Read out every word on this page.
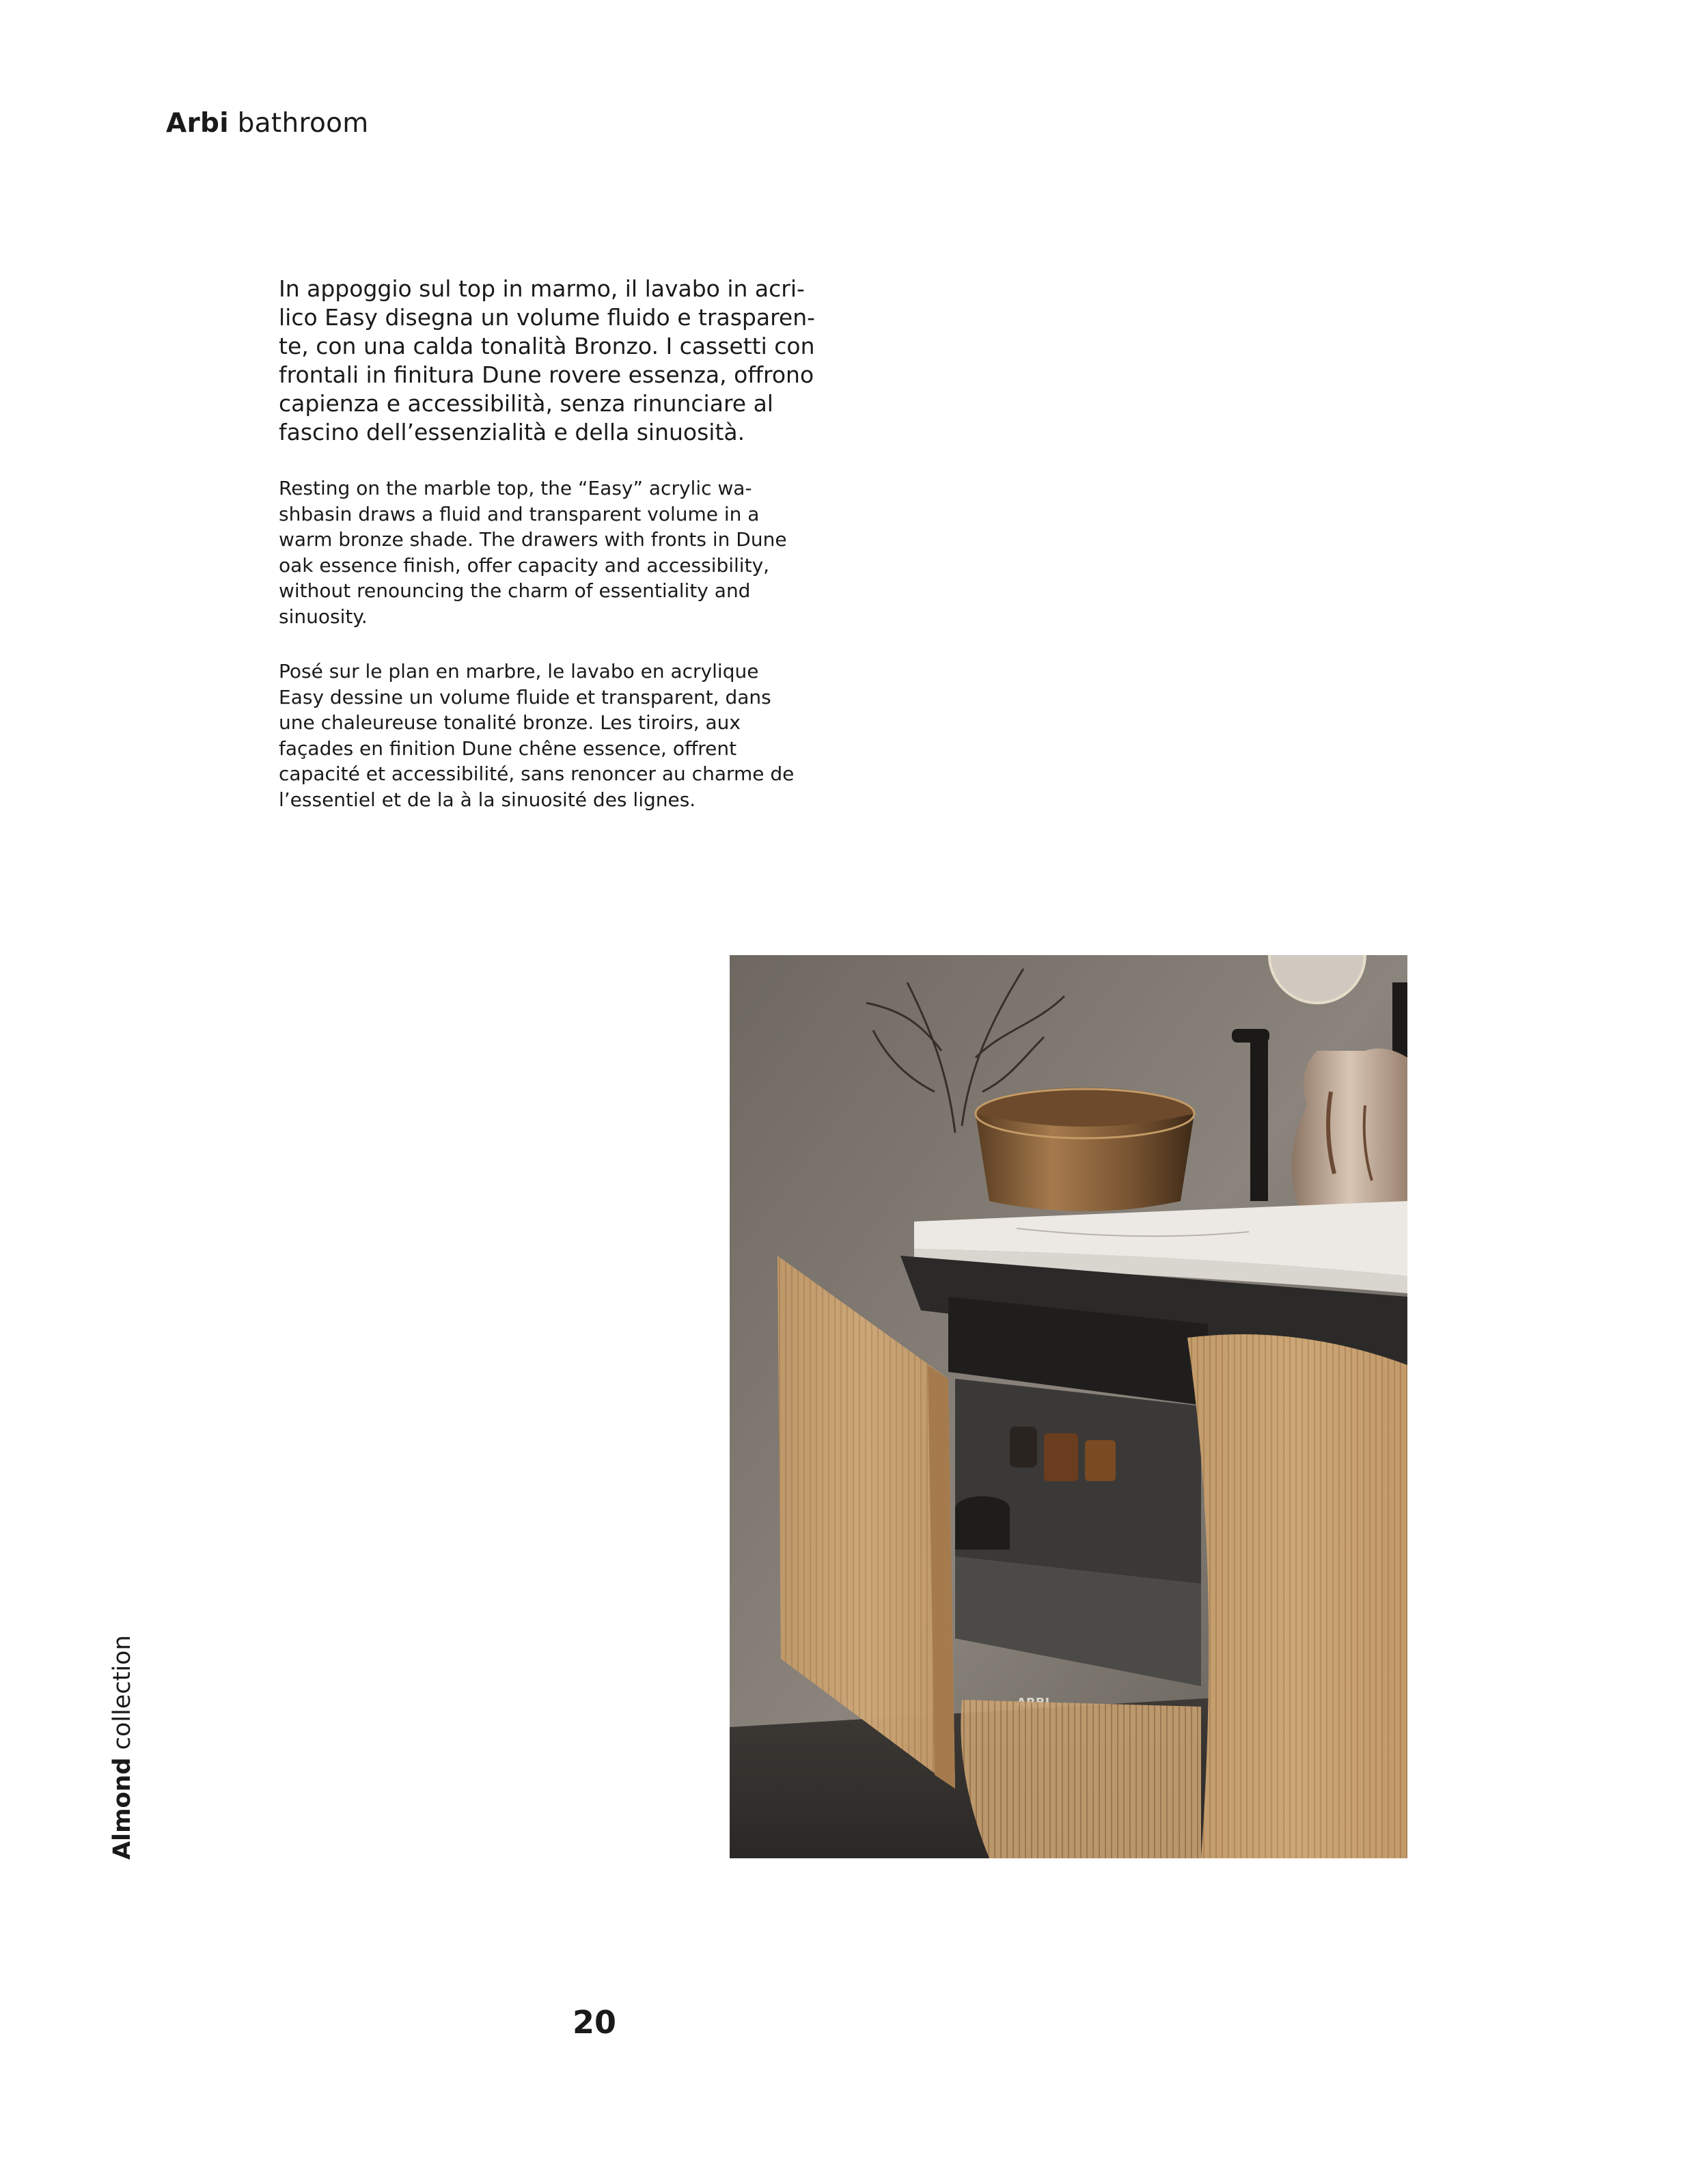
Arbi bathroom
In appoggio sul top in marmo, il lavabo in acri-
lico Easy disegna un volume fluido e trasparen-
te, con una calda tonalità Bronzo. I cassetti con
frontali in finitura Dune rovere essenza, offrono
capienza e accessibilità, senza rinunciare al
fascino dell’essenzialità e della sinuosità.
Resting on the marble top, the “Easy” acrylic wa-
shbasin draws a fluid and transparent volume in a
warm bronze shade. The drawers with fronts in Dune
oak essence finish, offer capacity and accessibility,
without renouncing the charm of essentiality and
sinuosity.
Posé sur le plan en marbre, le lavabo en acrylique
Easy dessine un volume fluide et transparent, dans
une chaleureuse tonalité bronze. Les tiroirs, aux
façades en finition Dune chêne essence, offrent
capacité et accessibilité, sans renoncer au charme de
l’essentiel et de la à la sinuosité des lignes.
Almond collection
20
